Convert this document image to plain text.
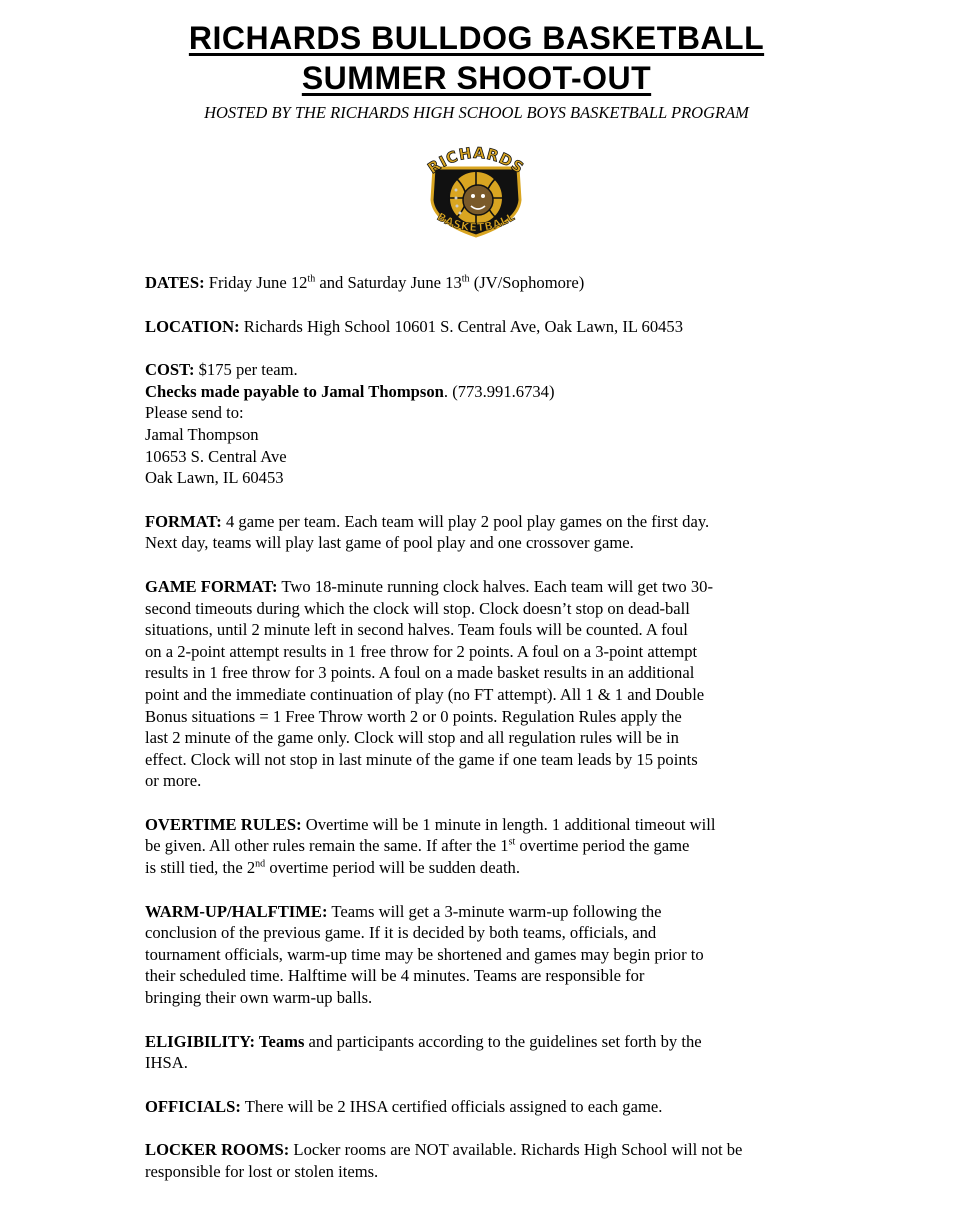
RICHARDS BULLDOG BASKETBALL
SUMMER SHOOT-OUT

HOSTED BY THE RICHARDS HIGH SCHOOL BOYS BASKETBALL PROGRAM

RICHARDS
BASKETBALL
DATES: Friday June 12th and Saturday June 13th (JV/Sophomore)
LOCATION: Richards High School 10601 S. Central Ave, Oak Lawn, IL 60453
COST: $175 per team.
Checks made payable to Jamal Thompson. (773.991.6734)
Please send to:
Jamal Thompson
10653 S. Central Ave
Oak Lawn, IL 60453
FORMAT: 4 game per team. Each team will play 2 pool play games on the first day.
Next day, teams will play last game of pool play and one crossover game.
GAME FORMAT: Two 18-minute running clock halves. Each team will get two 30-
second timeouts during which the clock will stop. Clock doesn’t stop on dead-ball
situations, until 2 minute left in second halves. Team fouls will be counted. A foul
on a 2-point attempt results in 1 free throw for 2 points. A foul on a 3-point attempt
results in 1 free throw for 3 points. A foul on a made basket results in an additional
point and the immediate continuation of play (no FT attempt). All 1 & 1 and Double
Bonus situations = 1 Free Throw worth 2 or 0 points. Regulation Rules apply the
last 2 minute of the game only. Clock will stop and all regulation rules will be in
effect. Clock will not stop in last minute of the game if one team leads by 15 points
or more.
OVERTIME RULES: Overtime will be 1 minute in length. 1 additional timeout will
be given. All other rules remain the same. If after the 1st overtime period the game
is still tied, the 2nd overtime period will be sudden death.
WARM-UP/HALFTIME: Teams will get a 3-minute warm-up following the
conclusion of the previous game. If it is decided by both teams, officials, and
tournament officials, warm-up time may be shortened and games may begin prior to
their scheduled time. Halftime will be 4 minutes. Teams are responsible for
bringing their own warm-up balls.
ELIGIBILITY: Teams and participants according to the guidelines set forth by the
IHSA.
OFFICIALS: There will be 2 IHSA certified officials assigned to each game.
LOCKER ROOMS: Locker rooms are NOT available. Richards High School will not be
responsible for lost or stolen items.
